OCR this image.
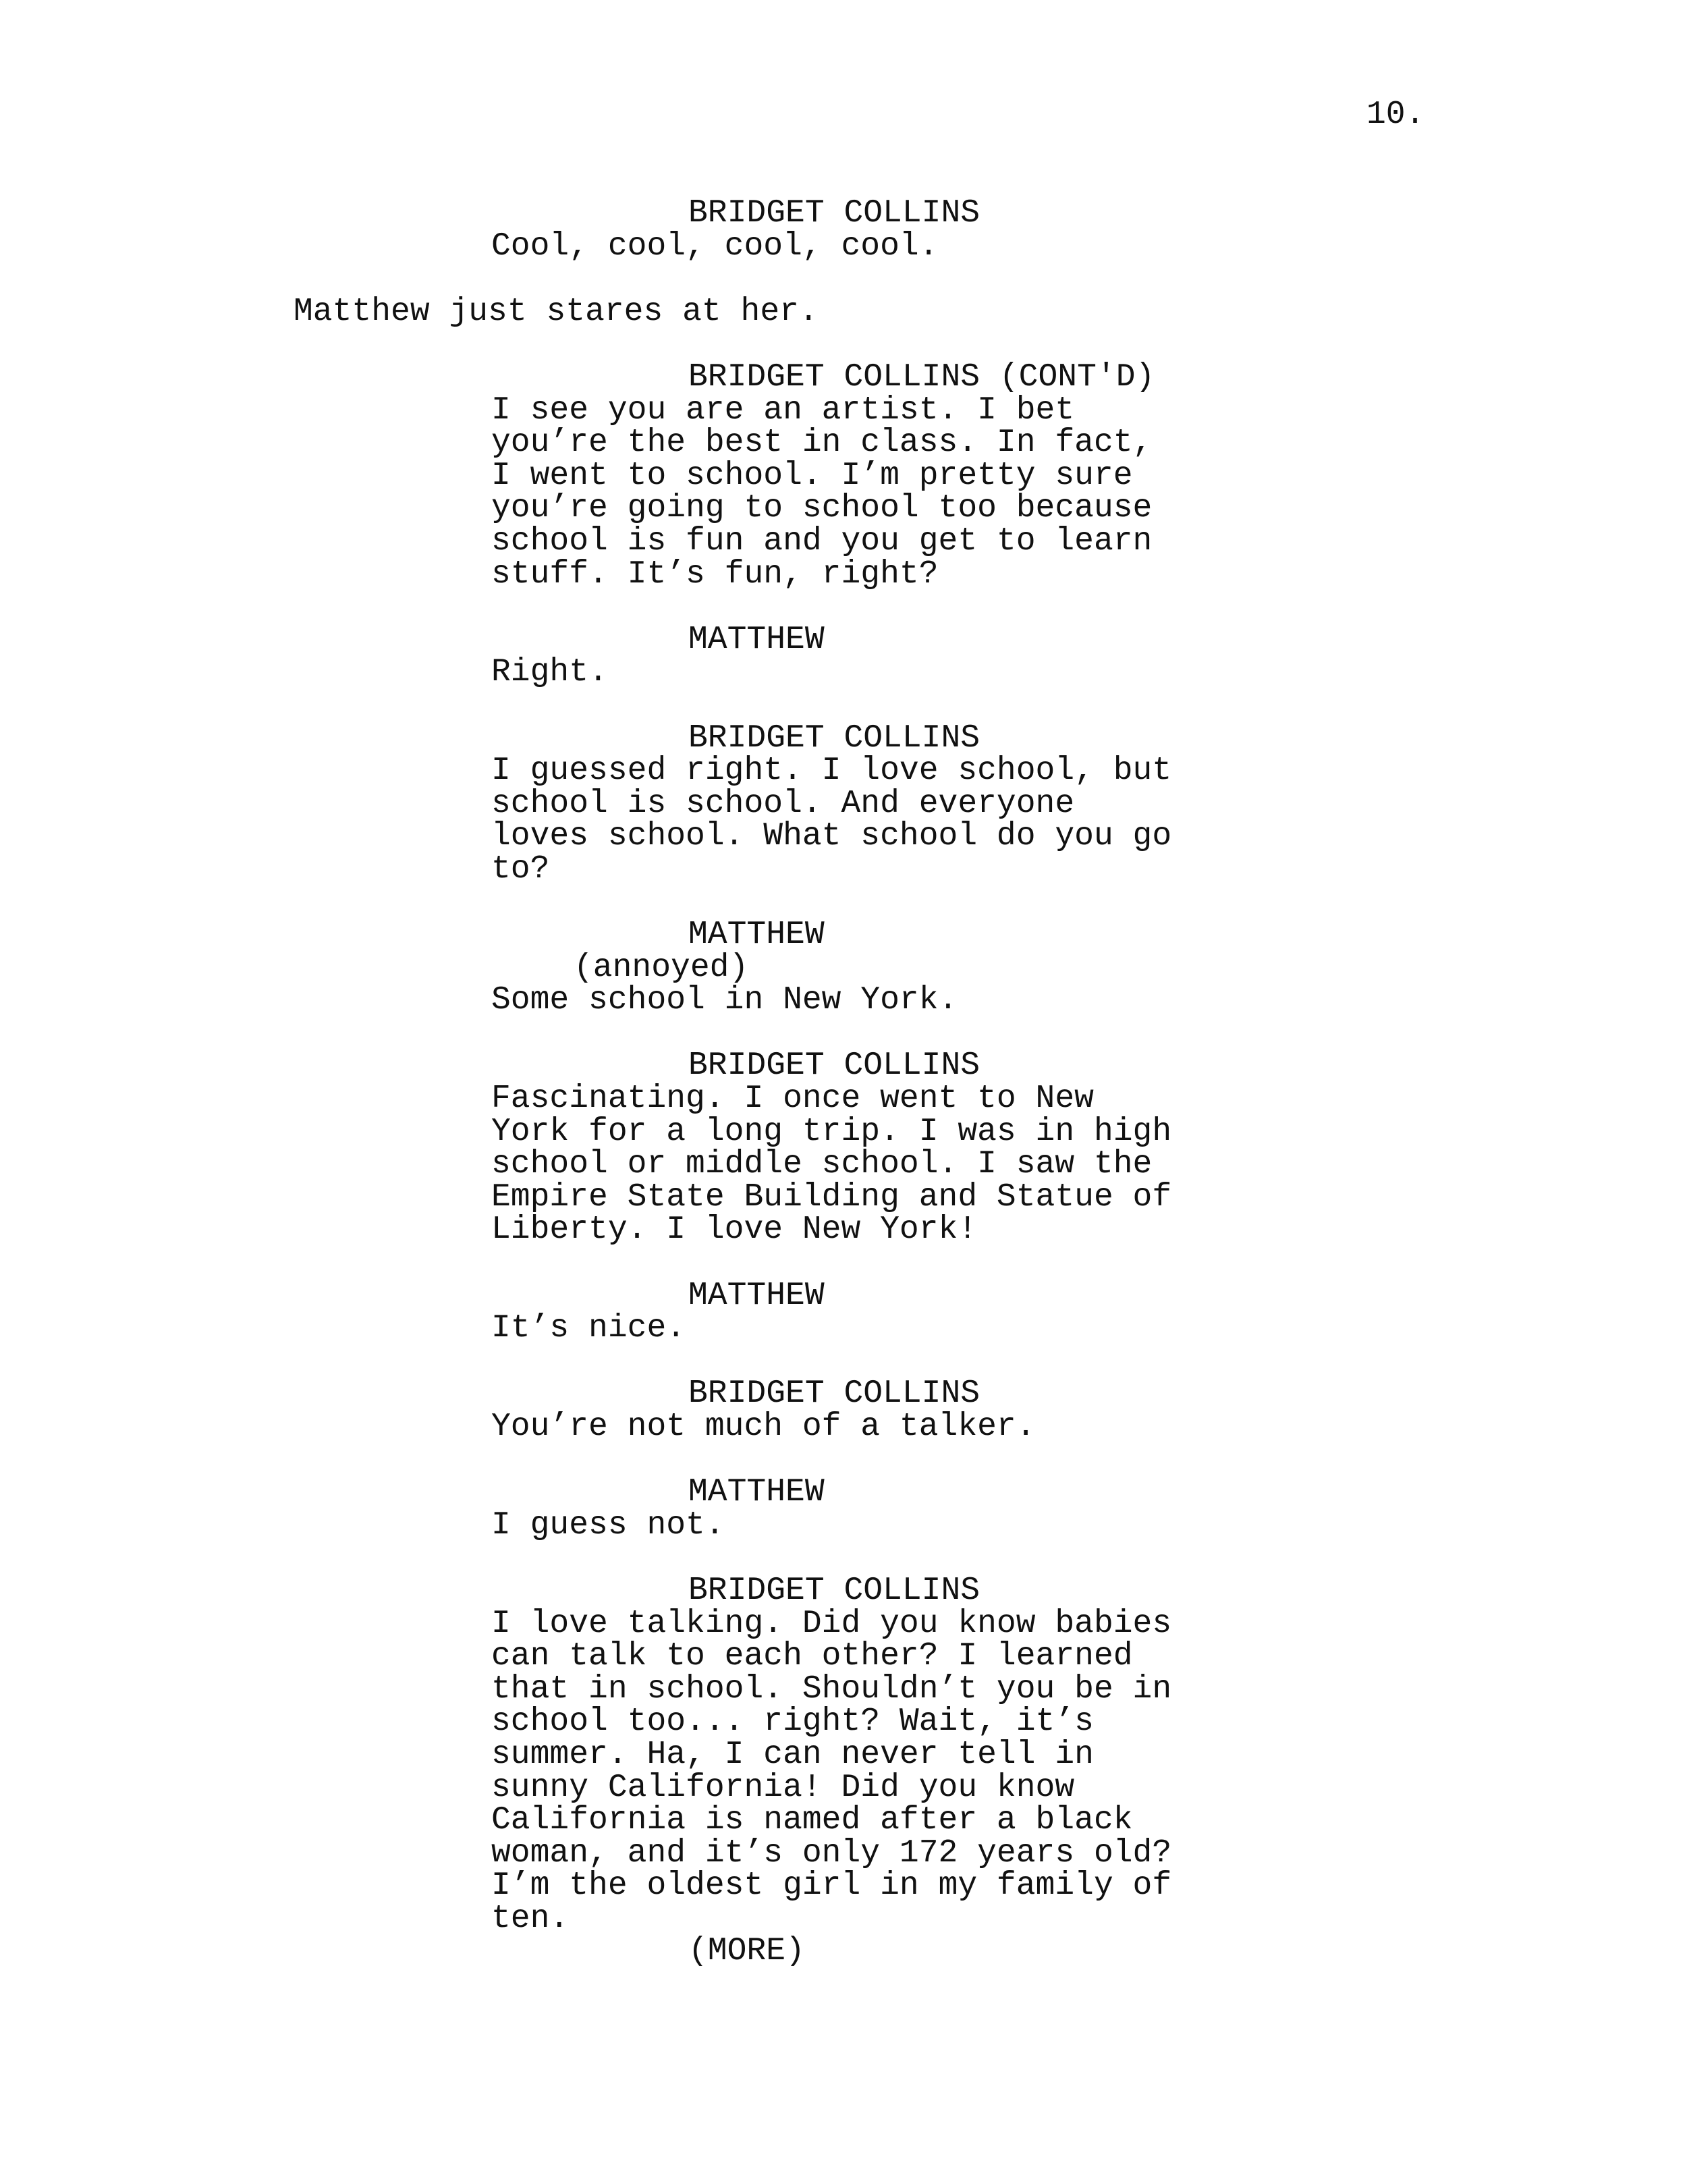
10.
BRIDGET COLLINS
Cool, cool, cool, cool.
Matthew just stares at her.
BRIDGET COLLINS (CONT'D)
I see you are an artist. I bet
you’re the best in class. In fact,
I went to school. I’m pretty sure
you’re going to school too because
school is fun and you get to learn
stuff. It’s fun, right?
MATTHEW
Right.
BRIDGET COLLINS
I guessed right. I love school, but
school is school. And everyone
loves school. What school do you go
to?
MATTHEW
(annoyed)
Some school in New York.
BRIDGET COLLINS
Fascinating. I once went to New
York for a long trip. I was in high
school or middle school. I saw the
Empire State Building and Statue of
Liberty. I love New York!
MATTHEW
It’s nice.
BRIDGET COLLINS
You’re not much of a talker.
MATTHEW
I guess not.
BRIDGET COLLINS
I love talking. Did you know babies
can talk to each other? I learned
that in school. Shouldn’t you be in
school too... right? Wait, it’s
summer. Ha, I can never tell in
sunny California! Did you know
California is named after a black
woman, and it’s only 172 years old?
I’m the oldest girl in my family of
ten.
(MORE)
